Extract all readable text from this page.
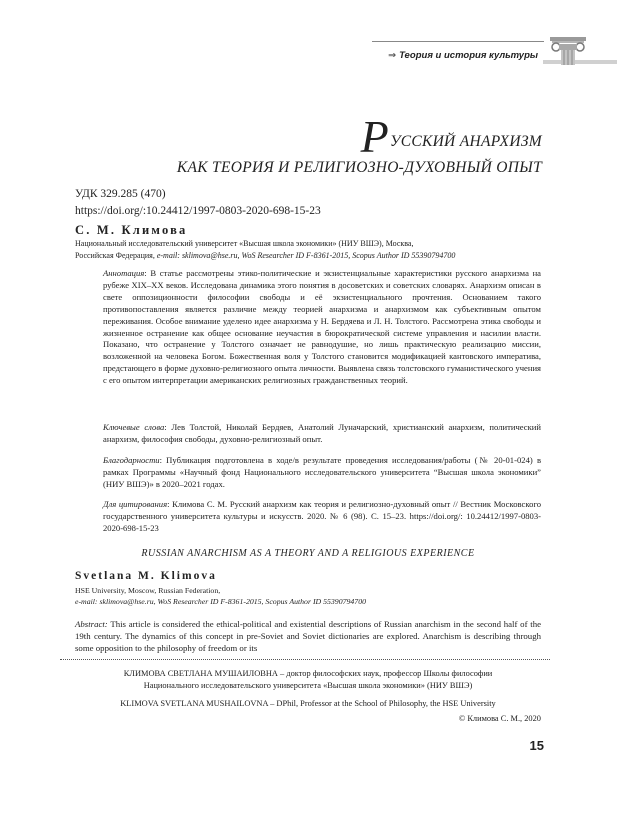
⇒ Теория и история культуры
РУССКИЙ АНАРХИЗМ
КАК ТЕОРИЯ И РЕЛИГИОЗНО-ДУХОВНЫЙ ОПЫТ
УДК 329.285 (470)
https://doi.org/:10.24412/1997-0803-2020-698-15-23
С. М. Климова
Национальный исследовательский университет «Высшая школа экономики» (НИУ ВШЭ), Москва,
Российская Федерация, e-mail: sklimova@hse.ru, WoS Researcher ID F-8361-2015, Scopus Author ID 55390794700
Аннотация: В статье рассмотрены этико-политические и экзистенциальные характеристики русского анархизма на рубеже XIX–XX веков. Исследована динамика этого понятия в досоветских и советских словарях. Анархизм описан в свете оппозиционности философии свободы и её экзистенциального прочтения. Основанием такого противопоставления является различие между теорией анархизма и анархизмом как субъективным опытом переживания. Особое внимание уделено идее анархизма у Н. Бердяева и Л. Н. Толстого. Рассмотрена этика свободы и жизненное остранение как общее основание неучастия в бюрократической системе управления и насилии власти. Показано, что остранение у Толстого означает не равнодушие, но лишь практическую реализацию миссии, возложенной на человека Богом. Божественная воля у Толстого становится модификацией кантовского императива, предстающего в форме духовно-религиозного опыта личности. Выявлена связь толстовского гуманистического учения с его опытом интерпретации американских религиозных гражданственных теорий.
Ключевые слова: Лев Толстой, Николай Бердяев, Анатолий Луначарский, христианский анархизм, политический анархизм, философия свободы, духовно-религиозный опыт.
Благодарности: Публикация подготовлена в ходе/в результате проведения исследования/работы (№ 20-01-024) в рамках Программы «Научный фонд Национального исследовательского университета “Высшая школа экономики” (НИУ ВШЭ)» в 2020–2021 годах.
Для цитирования: Климова С. М. Русский анархизм как теория и религиозно-духовный опыт // Вестник Московского государственного университета культуры и искусств. 2020. № 6 (98). С. 15–23. https://doi.org/: 10.24412/1997-0803-2020-698-15-23
RUSSIAN ANARCHISM AS A THEORY AND A RELIGIOUS EXPERIENCE
Svetlana M. Klimova
HSE University, Moscow, Russian Federation,
e-mail: sklimova@hse.ru, WoS Researcher ID F-8361-2015, Scopus Author ID 55390794700
Abstract: This article is considered the ethical-political and existential descriptions of Russian anarchism in the second half of the 19th century. The dynamics of this concept in pre-Soviet and Soviet dictionaries are explored. Anarchism is describing through some opposition to the philosophy of freedom or its
КЛИМОВА СВЕТЛАНА МУШАИЛОВНА – доктор философских наук, профессор Школы философии
Национального исследовательского университета «Высшая школа экономики» (НИУ ВШЭ)
KLIMOVA SVETLANA MUSHAILOVNA – DPhil, Professor at the School of Philosophy, the HSE University
© Климова С. М., 2020
15
